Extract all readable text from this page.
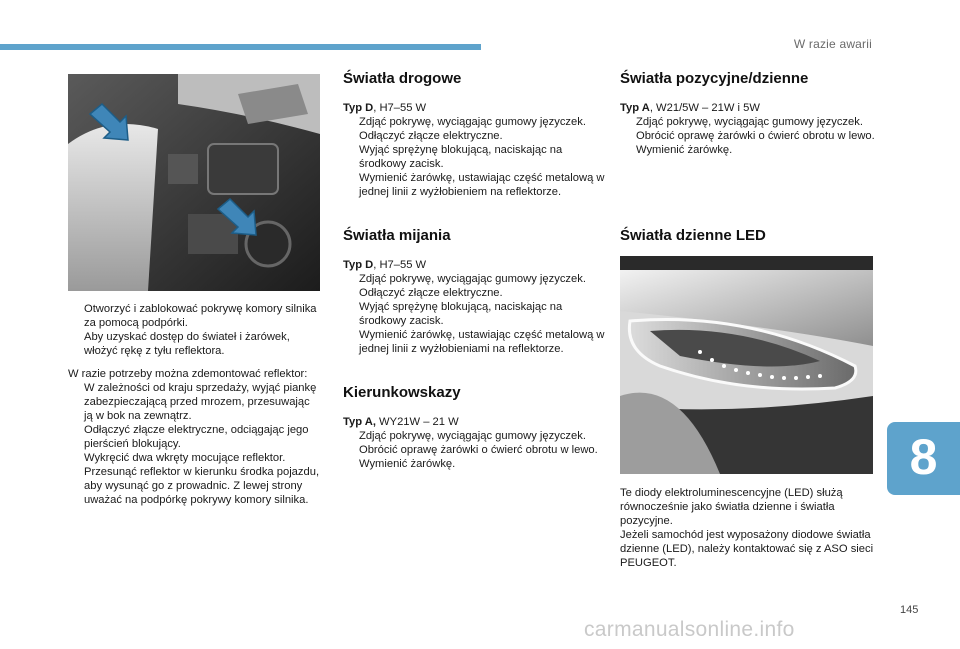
W razie awarii
Otworzyć i zablokować pokrywę komory silnika za pomocą podpórki.
Aby uzyskać dostęp do świateł i żarówek, włożyć rękę z tyłu reflektora.

W razie potrzeby można zdemontować reflektor:

W zależności od kraju sprzedaży, wyjąć piankę zabezpieczającą przed mrozem, przesuwając ją w bok na zewnątrz.
Odłączyć złącze elektryczne, odciągając jego pierścień blokujący.
Wykręcić dwa wkręty mocujące reflektor.
Przesunąć reflektor w kierunku środka pojazdu, aby wysunąć go z prowadnic. Z lewej strony uważać na podpórkę pokrywy komory silnika.
Światła drogowe

Typ D, H7–55 W

Zdjąć pokrywę, wyciągając gumowy języczek.
Odłączyć złącze elektryczne.
Wyjąć sprężynę blokującą, naciskając na środkowy zacisk.
Wymienić żarówkę, ustawiając część metalową w jednej linii z wyżłobieniem na reflektorze.
Światła mijania

Typ D, H7–55 W

Zdjąć pokrywę, wyciągając gumowy języczek.
Odłączyć złącze elektryczne.
Wyjąć sprężynę blokującą, naciskając na środkowy zacisk.
Wymienić żarówkę, ustawiając część metalową w jednej linii z wyżłobieniami na reflektorze.
Kierunkowskazy

Typ A, WY21W – 21 W

Zdjąć pokrywę, wyciągając gumowy języczek.
Obrócić oprawę żarówki o ćwierć obrotu w lewo.
Wymienić żarówkę.
Światła pozycyjne/dzienne

Typ A, W21/5W – 21W i 5W

Zdjąć pokrywę, wyciągając gumowy języczek.
Obrócić oprawę żarówki o ćwierć obrotu w lewo.
Wymienić żarówkę.
Światła dzienne LED

Te diody elektroluminescencyjne (LED) służą równocześnie jako światła dzienne i światła pozycyjne.

Jeżeli samochód jest wyposażony diodowe światła dzienne (LED), należy kontaktować się z ASO sieci PEUGEOT.

8
145
carmanualsonline.info
